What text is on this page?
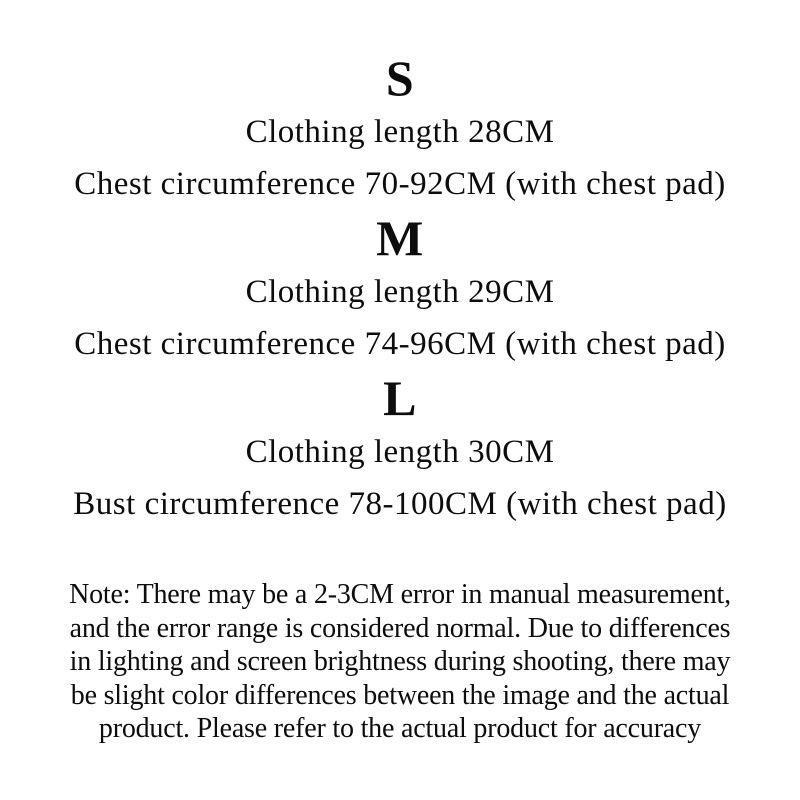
S
Clothing length 28CM
Chest circumference 70-92CM (with chest pad)
M
Clothing length 29CM
Chest circumference 74-96CM (with chest pad)
L
Clothing length 30CM
Bust circumference 78-100CM (with chest pad)
Note: There may be a 2-3CM error in manual measurement,
and the error range is considered normal. Due to differences
in lighting and screen brightness during shooting, there may
be slight color differences between the image and the actual
product. Please refer to the actual product for accuracy
